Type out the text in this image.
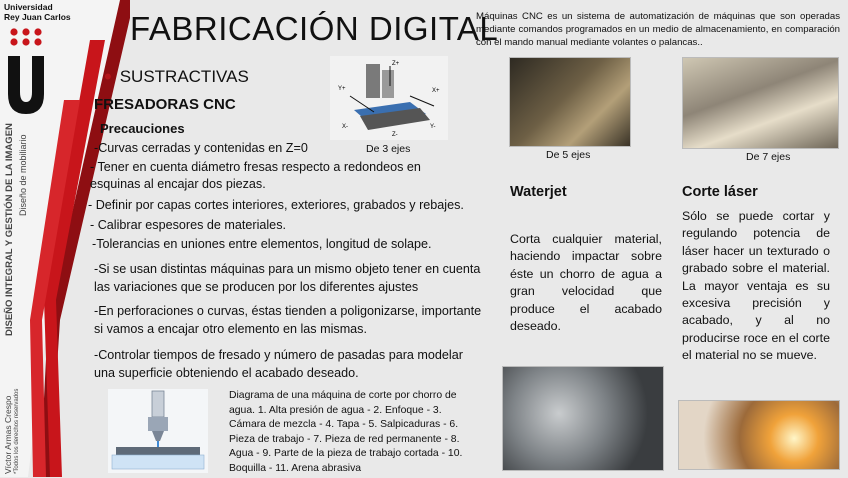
Universidad
Rey Juan Carlos
DISEÑO INTEGRAL Y GESTIÓN DE LA IMAGEN Diseño de mobiliario
Víctor Armas Crespo *Todos los derechos reservados
FABRICACIÓN DIGITAL
Máquinas CNC es un sistema de automatización de máquinas que son operadas mediante comandos programados en un medio de almacenamiento, en comparación con el mando manual mediante volantes o palancas..
• SUSTRACTIVAS
FRESADORAS CNC
Precauciones
-Curvas cerradas y contenidas en Z=0
- Tener en cuenta diámetro fresas respecto a redondeos en
esquinas al encajar dos piezas.
- Definir por capas cortes interiores, exteriores, grabados y rebajes.
- Calibrar espesores de materiales.
-Tolerancias en uniones entre elementos, longitud de solape.
-Si se usan distintas máquinas para un mismo objeto tener en cuenta las variaciones que se producen por los diferentes ajustes
-En perforaciones o curvas, éstas tienden a poligonizarse, importante si vamos a encajar otro elemento en las mismas.
-Controlar tiempos de fresado y número de pasadas para modelar una superficie obteniendo el acabado deseado.
Z+
Y+	X+
X-	Y-
Z-
De 3 ejes	De 5 ejes	De 7 ejes
Waterjet
Corta cualquier material, haciendo impactar sobre éste un chorro de agua a gran velocidad que produce el acabado deseado.
Corte láser
Sólo se puede cortar y regulando potencia de láser hacer un texturado o grabado sobre el material. La mayor ventaja es su excesiva precisión y acabado, y al no producirse roce en el corte el material no se mueve.
Diagrama de una máquina de corte por chorro de agua. 1. Alta presión de agua - 2. Enfoque - 3. Cámara de mezcla - 4. Tapa - 5. Salpicaduras - 6. Pieza de trabajo - 7. Pieza de red permanente - 8. Agua - 9. Parte de la pieza de trabajo cortada - 10. Boquilla - 11. Arena abrasiva
